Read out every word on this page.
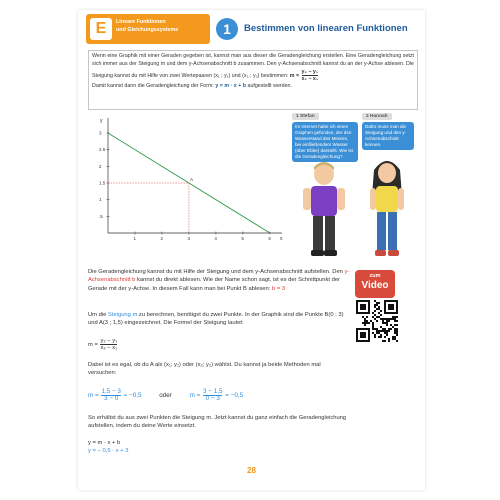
E	Lineare Funktionen
und Gleichungssysteme	1	Bestimmen von linearen Funktionen
Wenn eine Graphik mit einer Geraden gegeben ist, kannst man aus dieser die Geradengleichung erstellen. Eine Geradengleichung setzt sich immer aus der Steigung m und dem y-Achsenabschnitt b zusammen. Den y-Achsenabschnitt kannst du an der y-Achse ablesen. Die Steigung kannst du mit Hilfe von zwei Wertepaaren (x₁ ; y₁) und (x₂ ; y₂) bestimmen: $m = \frac{\text{y₂ − y₁}}{\text{x₂ − x₁}}$
Damit kannst dann die Geradengleichung der Form: y = m · x + b aufgestellt werden.
y
x
1	2	3	4	5	6
.5
1
1.5
2
2.5
3
A
1 Stefan
Im Internet habe ich einen Graphen gefunden, der den Wasserstand des Meeres, bei einfließendem Wasser (über Ebbe) darstellt. Wie ist die Geradengleichung?
2 Hannah
Dafür muss man die Steigung und den y-Achsenabschnitt kennen.
Die Geradengleichung kannst du mit Hilfe der Steigung und dem y-Achsenabschnitt aufstellen. Den y-Achsenabschnitt b kannst du direkt ablesen. Wie der Name schon sagt, ist es der Schnittpunkt der Gerade mit der y-Achse. In diesem Fall kann man bei Punkt B ablesen: b = 3
zum
Video
Um die Steigung m zu berechnen, benötigst du zwei Punkte. In der Graphik sind die Punkte B(0 ; 3) und A(3 ; 1,5) eingezeichnet. Die Formel der Steigung lautet:
$m = \frac{\text{y₂ − y₁}}{\text{x₂ − x₁}}$
Dabei ist es egal, ob du A als (x₁; y₁) oder (x₂; y₂) wählst. Du kannst ja beide Methoden mal versuchen:
$m = \frac{1,5 - 3}{3 - 0} = -0,5$	oder	$m = \frac{3 - 1,5}{0 - 3} = -0,5$
So erhältst du aus zwei Punkten die Steigung m. Jetzt kannst du ganz einfach die Geradengleichung aufstellen, indem du deine Werte einsetzt.
y = m · x + b
y = − 0,5 · x + 3
28
